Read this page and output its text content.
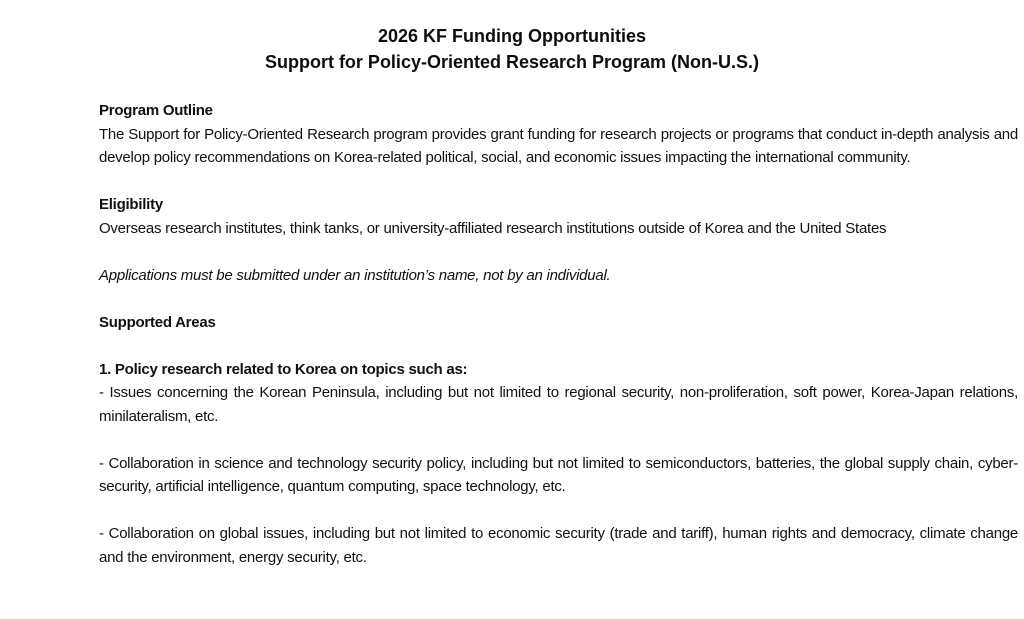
2026 KF Funding Opportunities
Support for Policy-Oriented Research Program (Non-U.S.)
Program Outline
The Support for Policy-Oriented Research program provides grant funding for research projects or programs that conduct in-depth analysis and develop policy recommendations on Korea-related political, social, and economic issues impacting the international community.
Eligibility
Overseas research institutes, think tanks, or university-affiliated research institutions outside of Korea and the United States
Applications must be submitted under an institution’s name, not by an individual.
Supported Areas
1. Policy research related to Korea on topics such as:
- Issues concerning the Korean Peninsula, including but not limited to regional security, non-proliferation, soft power, Korea-Japan relations, minilateralism, etc.
- Collaboration in science and technology security policy, including but not limited to semiconductors, batteries, the global supply chain, cyber-security, artificial intelligence, quantum computing, space technology, etc.
- Collaboration on global issues, including but not limited to economic security (trade and tariff), human rights and democracy, climate change and the environment, energy security, etc.
